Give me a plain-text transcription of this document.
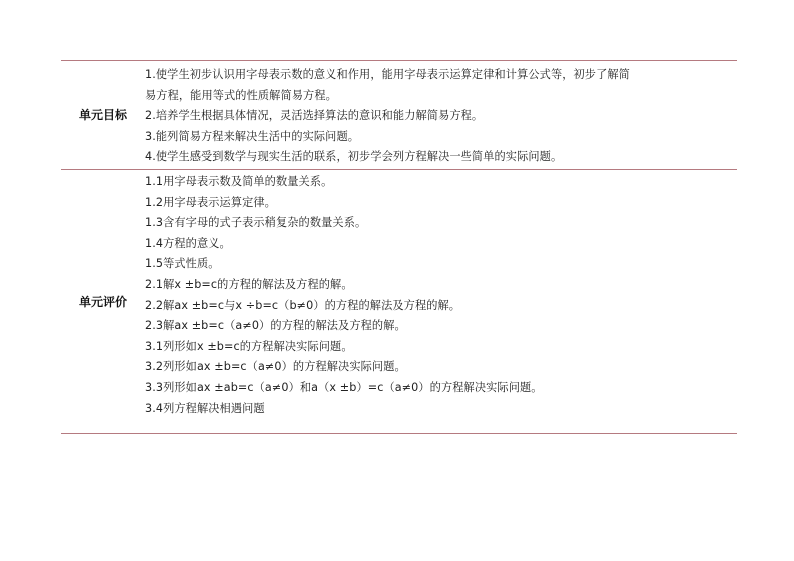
单元目标
1.使学生初步认识用字母表示数的意义和作用，能用字母表示运算定律和计算公式等，初步了解简
易方程，能用等式的性质解简易方程。
2.培养学生根据具体情况，灵活选择算法的意识和能力解简易方程。
3.能列简易方程来解决生活中的实际问题。
4.使学生感受到数学与现实生活的联系，初步学会列方程解决一些简单的实际问题。
单元评价
1.1用字母表示数及简单的数量关系。
1.2用字母表示运算定律。
1.3含有字母的式子表示稍复杂的数量关系。
1.4方程的意义。
1.5等式性质。
2.1解x ±b=c的方程的解法及方程的解。
2.2解ax ±b=c与x ÷b=c（b≠0）的方程的解法及方程的解。
2.3解ax ±b=c（a≠0）的方程的解法及方程的解。
3.1列形如x ±b=c的方程解决实际问题。
3.2列形如ax ±b=c（a≠0）的方程解决实际问题。
3.3列形如ax ±ab=c（a≠0）和a（x ±b）=c（a≠0）的方程解决实际问题。
3.4列方程解决相遇问题
